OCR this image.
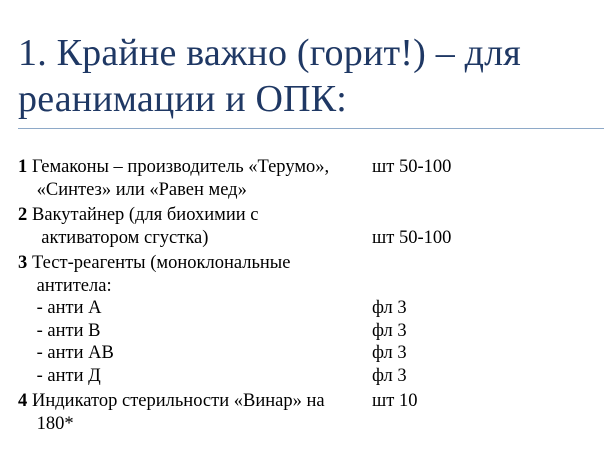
1. Крайне важно (горит!) – для
реанимации и ОПК:
1 Гемаконы – производитель «Терумо», шт 50-100
«Синтез» или «Равен мед»
2 Вакутайнер (для биохимии с
активатором сгустка)	шт 50-100
3 Тест-реагенты (моноклональные
антитела:
- анти А	фл 3
- анти В	фл 3
- анти АВ	фл 3
- анти Д	фл 3
4 Индикатор стерильности «Винар» на	шт 10
180*
